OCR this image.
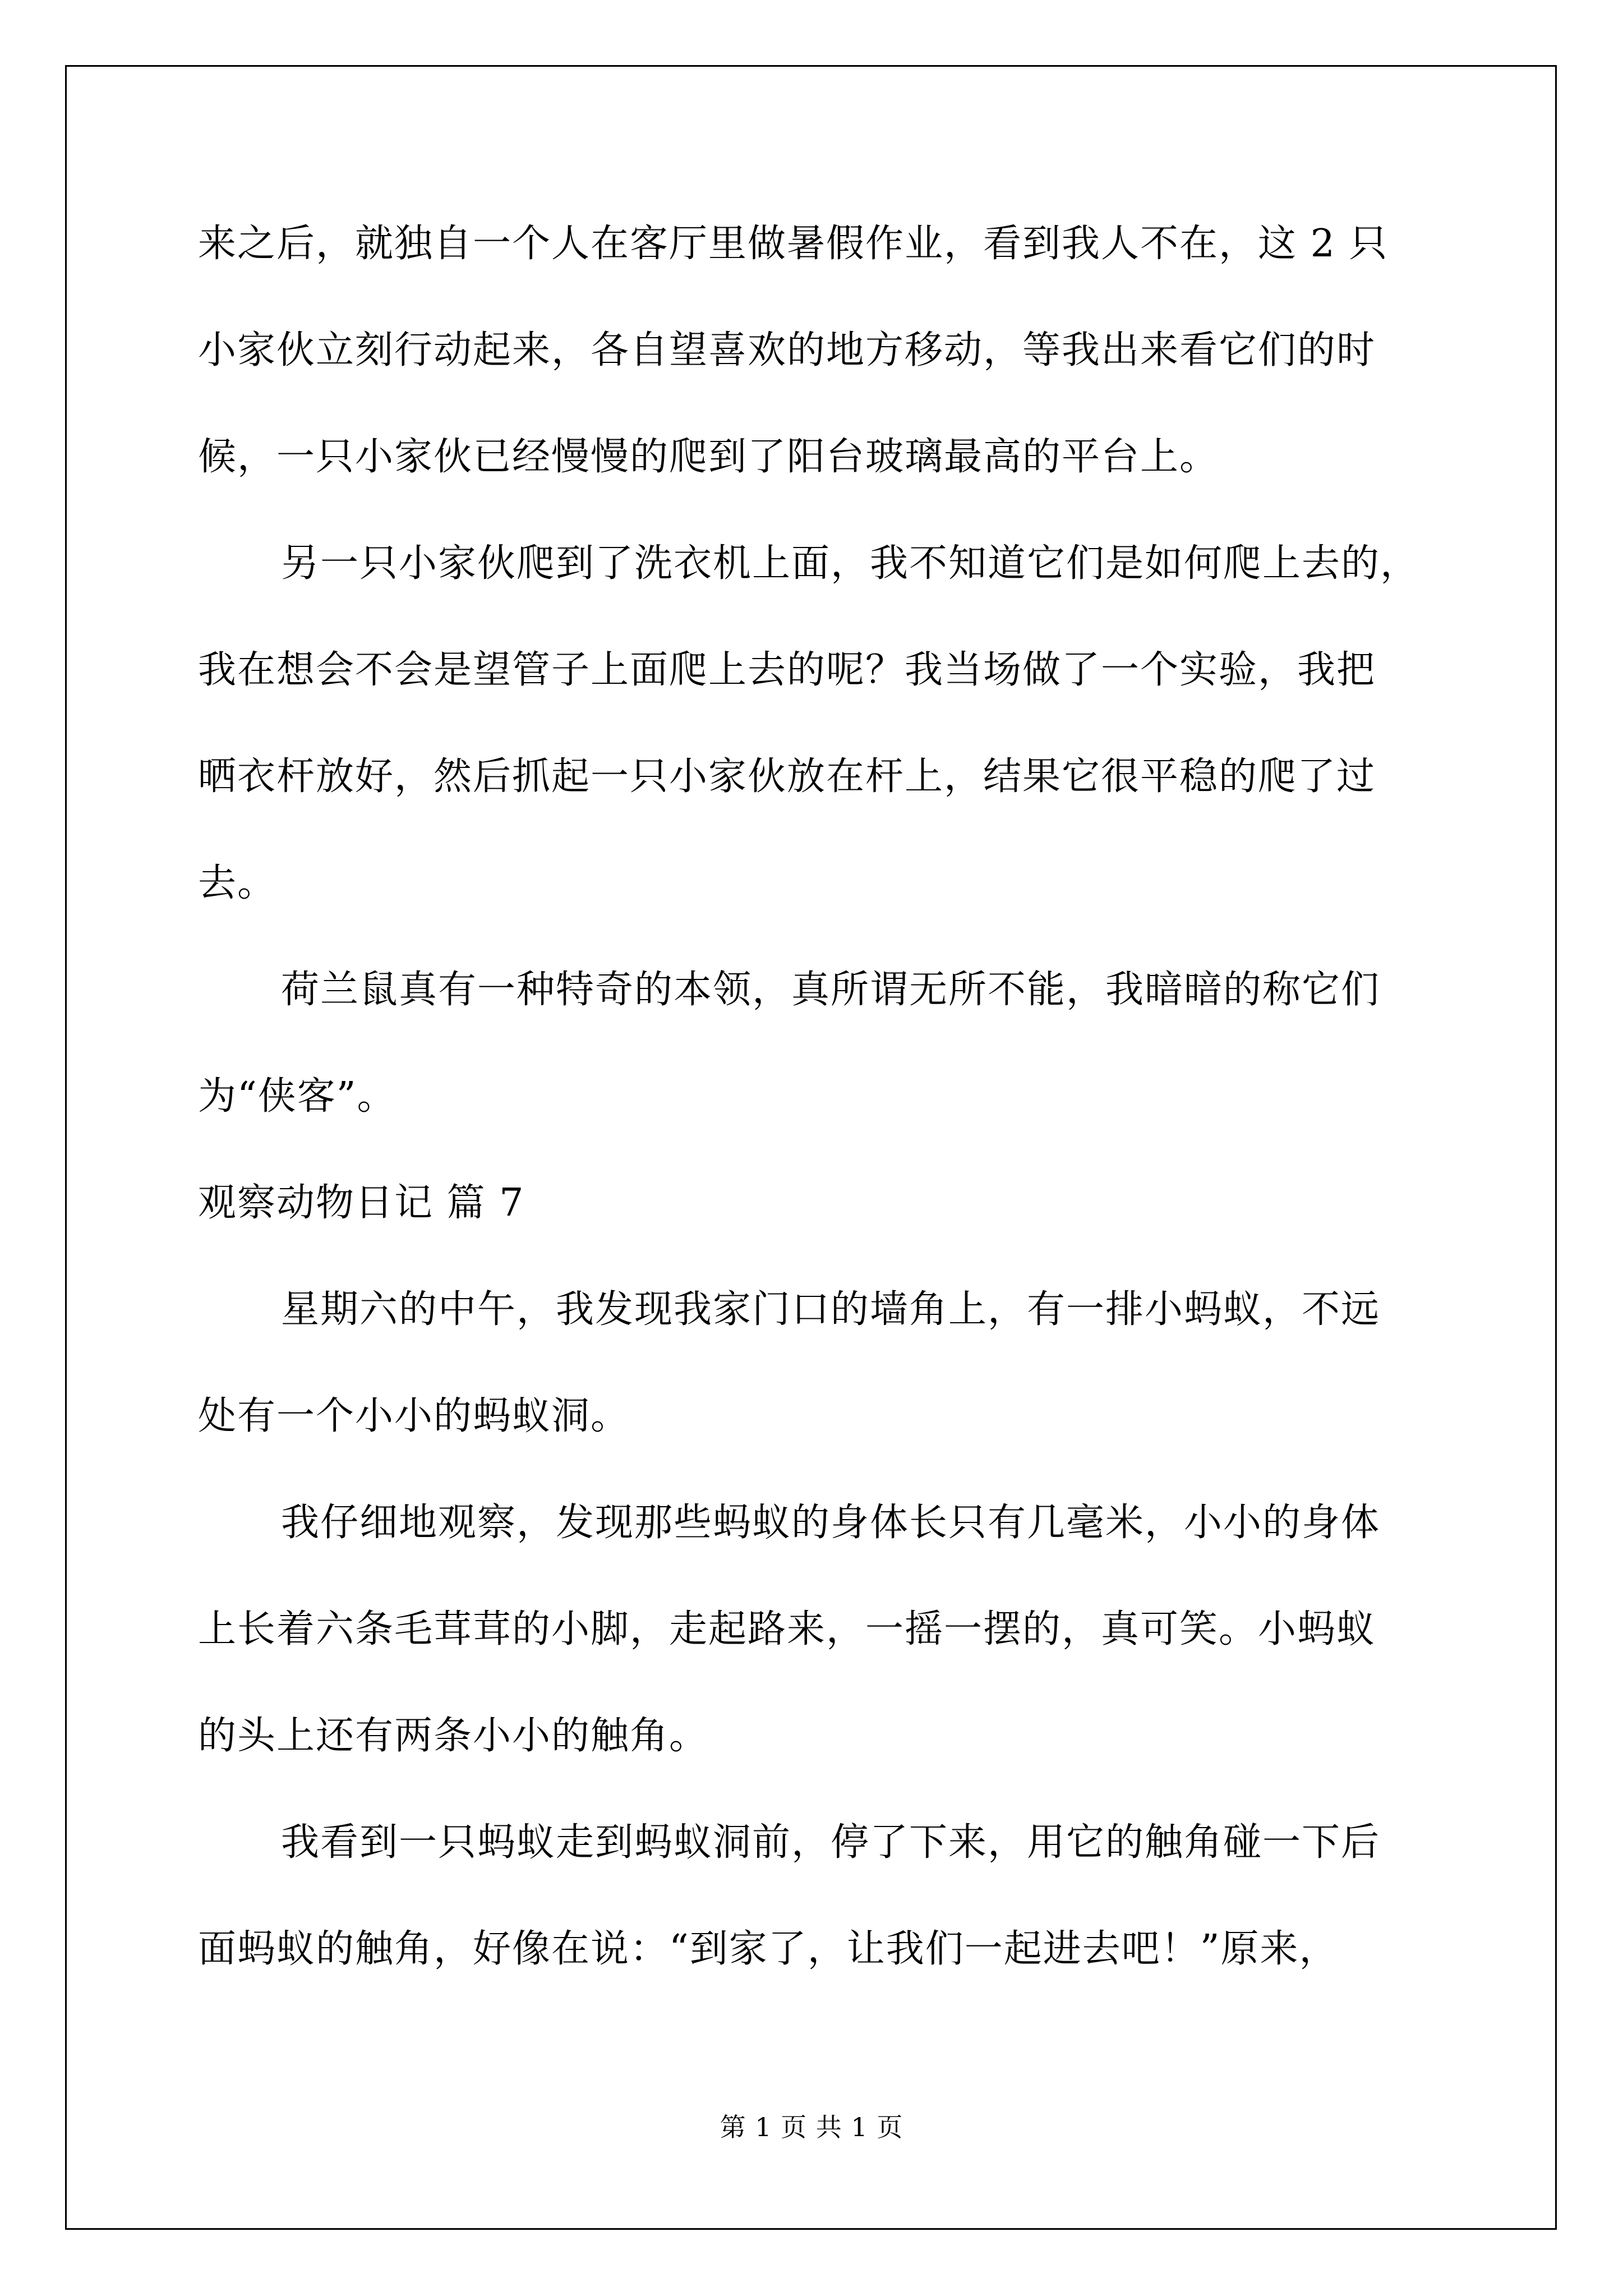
来之后，就独自一个人在客厅里做暑假作业，看到我人不在，这 2 只
小家伙立刻行动起来，各自望喜欢的地方移动，等我出来看它们的时
候，一只小家伙已经慢慢的爬到了阳台玻璃最高的平台上。
另一只小家伙爬到了洗衣机上面，我不知道它们是如何爬上去的，
我在想会不会是望管子上面爬上去的呢？我当场做了一个实验，我把
晒衣杆放好，然后抓起一只小家伙放在杆上，结果它很平稳的爬了过
去。
荷兰鼠真有一种特奇的本领，真所谓无所不能，我暗暗的称它们
为“侠客”。
观察动物日记 篇 7
星期六的中午，我发现我家门口的墙角上，有一排小蚂蚁，不远
处有一个小小的蚂蚁洞。
我仔细地观察，发现那些蚂蚁的身体长只有几毫米，小小的身体
上长着六条毛茸茸的小脚，走起路来，一摇一摆的，真可笑。小蚂蚁
的头上还有两条小小的触角。
我看到一只蚂蚁走到蚂蚁洞前，停了下来，用它的触角碰一下后
面蚂蚁的触角，好像在说：“到家了，让我们一起进去吧！”原来，
第 1 页 共 1 页
